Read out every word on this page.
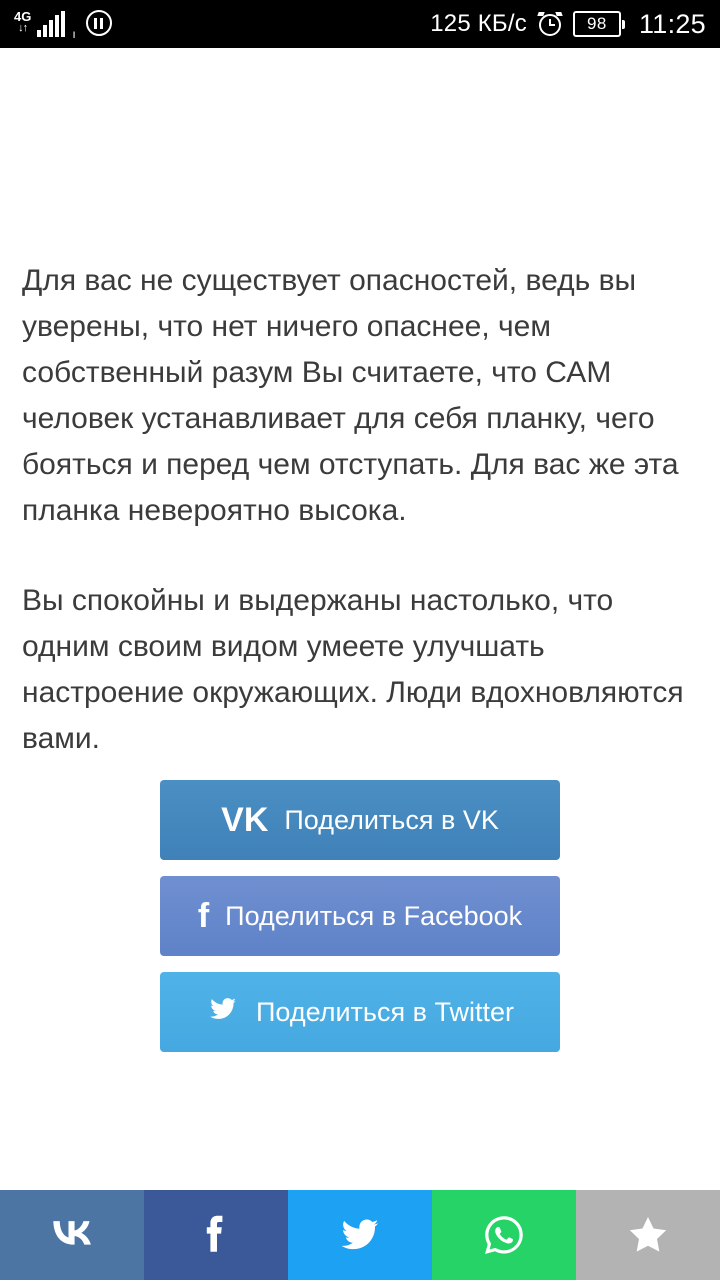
4G
↓↑	ı	125 КБ/с	98	11:25

Для вас не существует опасностей, ведь вы уверены, что нет ничего опаснее, чем собственный разум Вы считаете, что САМ человек устанавливает для себя планку, чего бояться и перед чем отступать. Для вас же эта планка невероятно высока.

Вы спокойны и выдержаны настолько, что одним своим видом умеете улучшать настроение окружающих. Люди вдохновляются вами.

VK Поделиться в VK
f Поделиться в Facebook
Поделиться в Twitter
